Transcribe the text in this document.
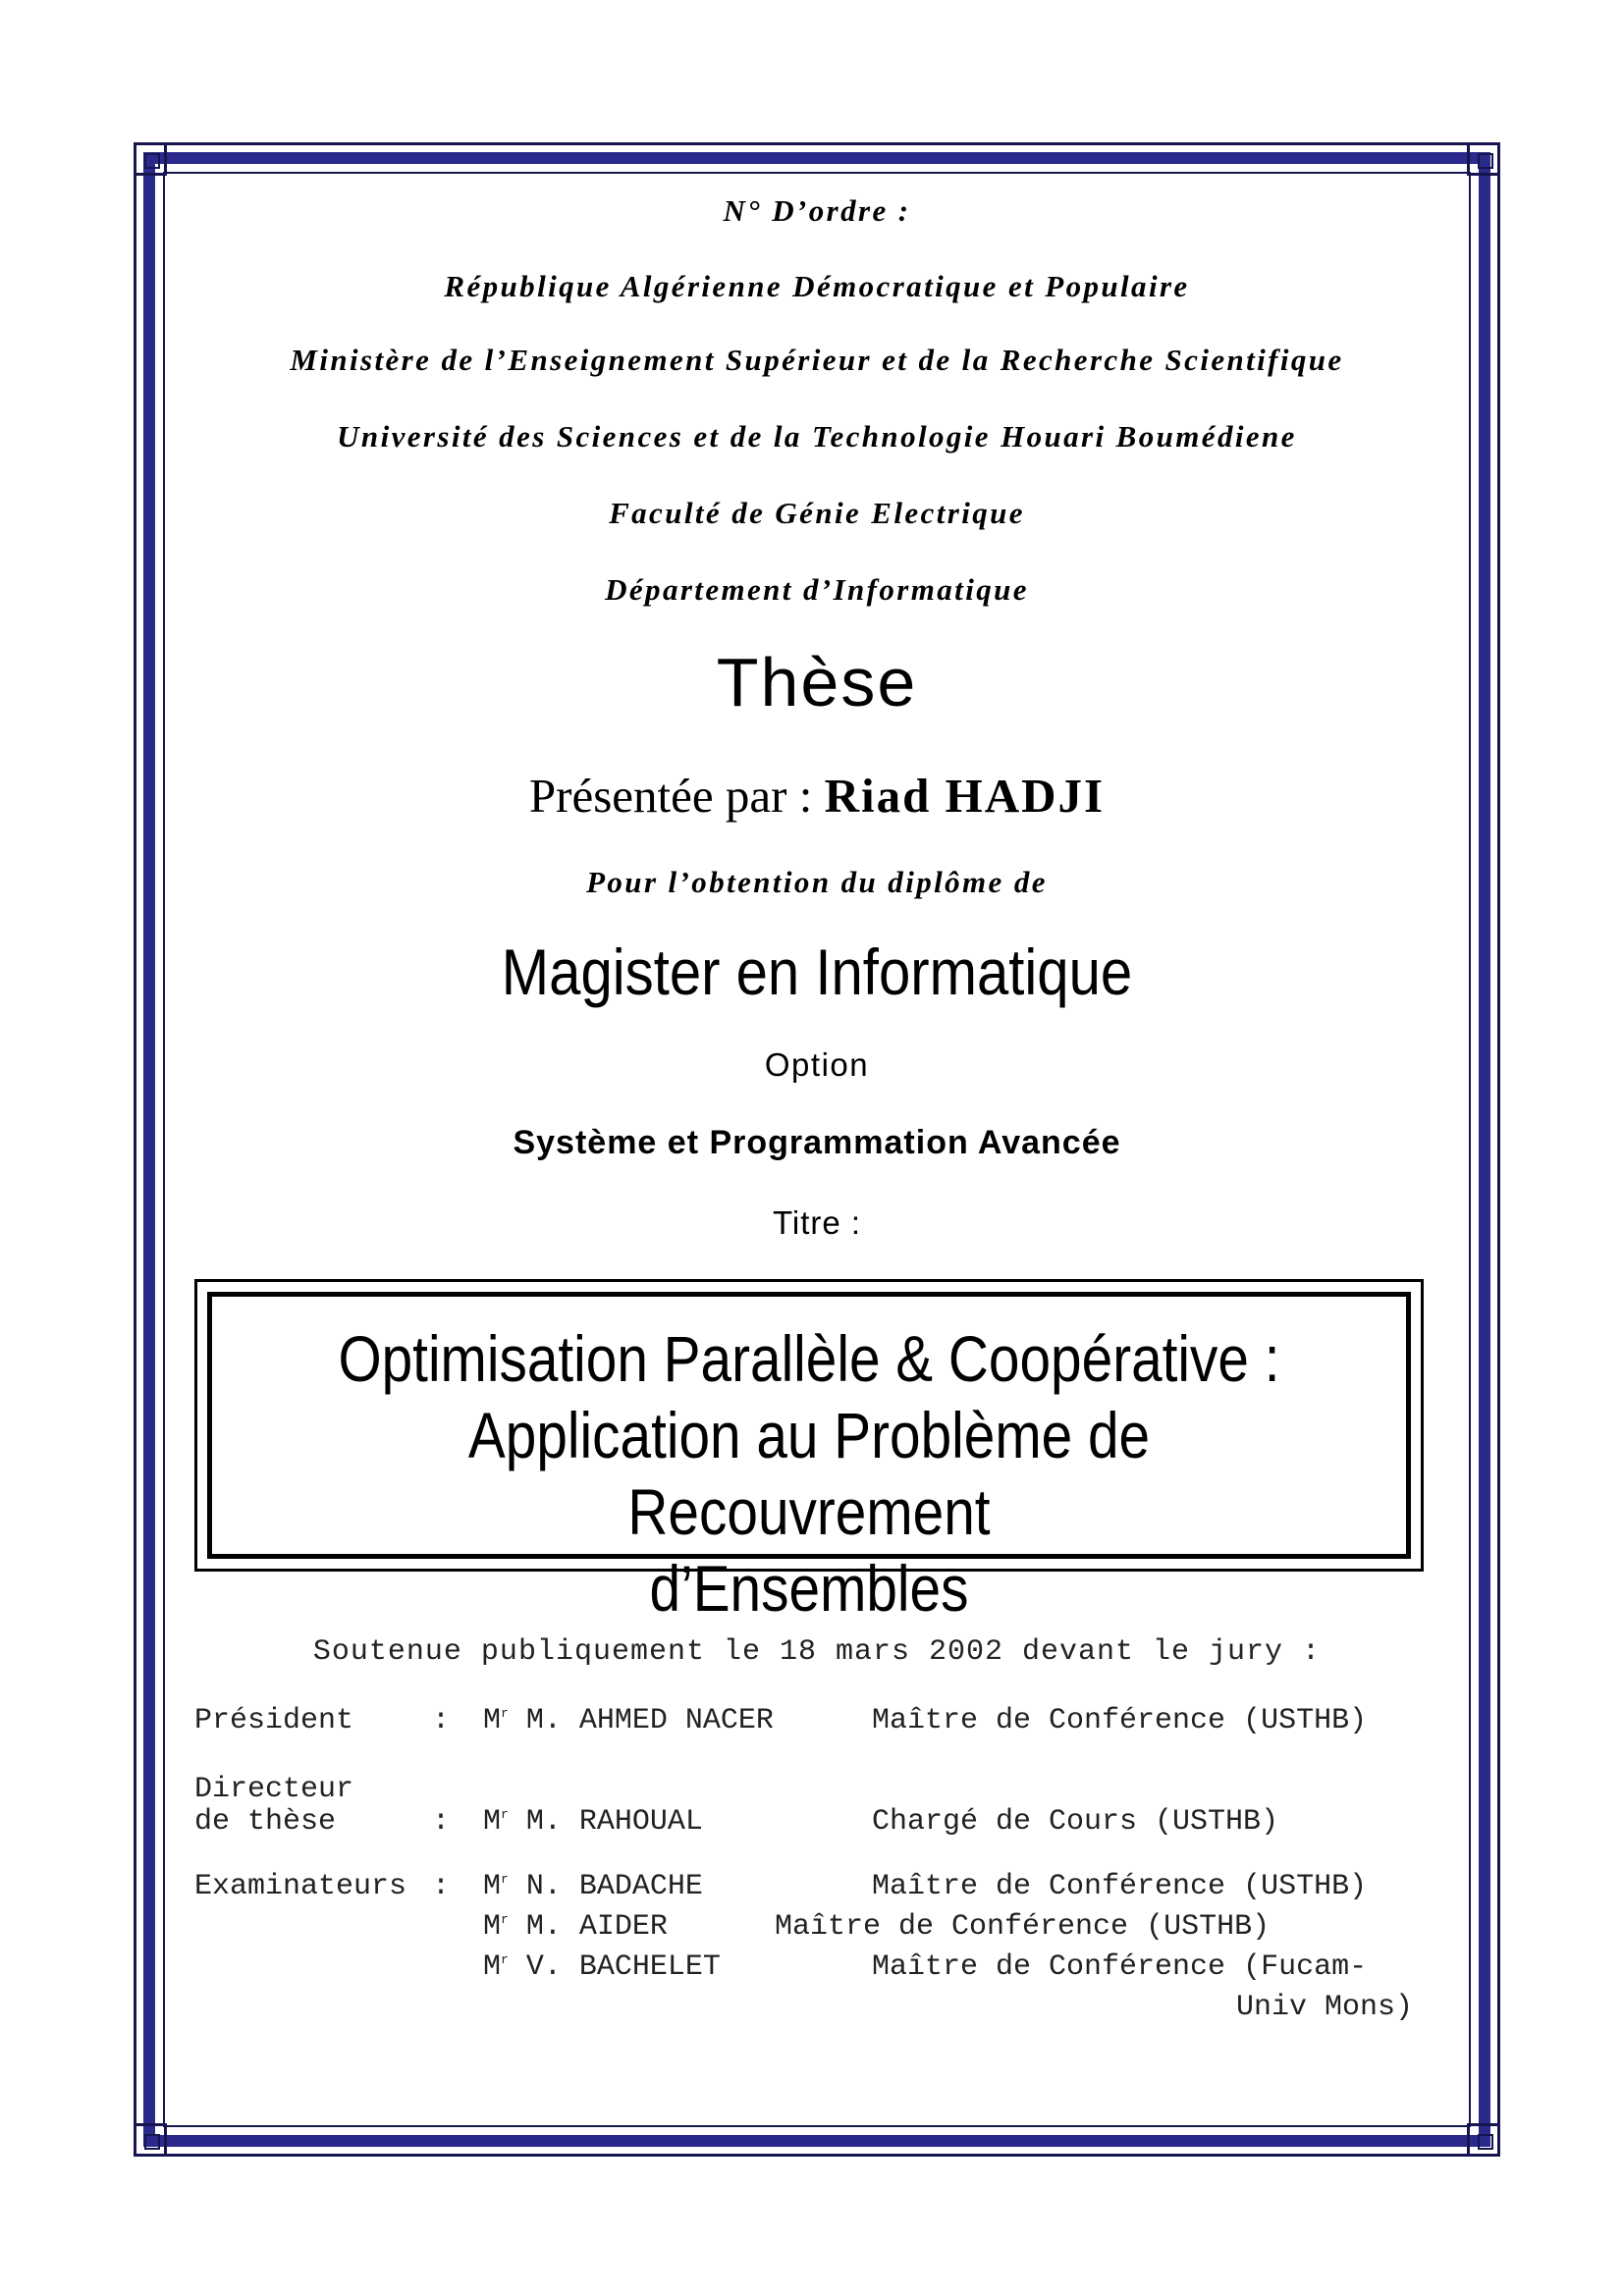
N° D’ordre :
République Algérienne Démocratique et Populaire
Ministère de l’Enseignement Supérieur et de la Recherche Scientifique
Université des Sciences et de la Technologie Houari Boumédiene
Faculté de Génie Electrique
Département d’Informatique
Thèse
Présentée par : Riad HADJI
Pour l’obtention du diplôme de
Magister en Informatique
Option
Système et Programmation Avancée
Titre :
Optimisation Parallèle & Coopérative :
Application au Problème de Recouvrement
d’Ensembles
Soutenue publiquement le 18 mars 2002 devant le jury :
Président	: $M^r$ M. AHMED NACER	Maître de Conférence (USTHB)
Directeur
de thèse	: $M^r$ M. RAHOUAL	Chargé de Cours (USTHB)
Examinateurs : $M^r$ N. BADACHE	Maître de Conférence (USTHB)
$M^r$ M. AIDER	Maître de Conférence (USTHB)
$M^r$ V. BACHELET	Maître de Conférence (Fucam-
Univ Mons)
